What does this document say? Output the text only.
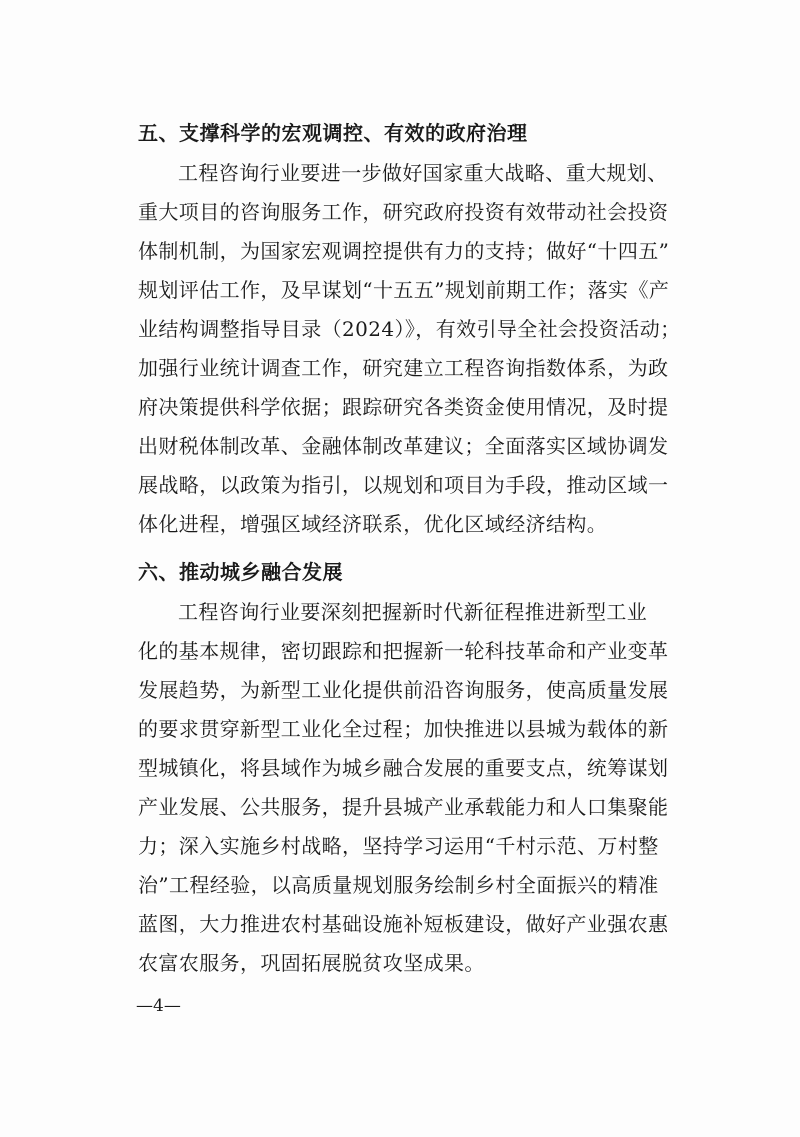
五、支撑科学的宏观调控、有效的政府治理
工程咨询行业要进一步做好国家重大战略、重大规划、
重大项目的咨询服务工作，研究政府投资有效带动社会投资
体制机制，为国家宏观调控提供有力的支持；做好“十四五”
规划评估工作，及早谋划“十五五”规划前期工作；落实《产
业结构调整指导目录（2024）》，有效引导全社会投资活动；
加强行业统计调查工作，研究建立工程咨询指数体系，为政
府决策提供科学依据；跟踪研究各类资金使用情况，及时提
出财税体制改革、金融体制改革建议；全面落实区域协调发
展战略，以政策为指引，以规划和项目为手段，推动区域一
体化进程，增强区域经济联系，优化区域经济结构。
六、推动城乡融合发展
工程咨询行业要深刻把握新时代新征程推进新型工业
化的基本规律，密切跟踪和把握新一轮科技革命和产业变革
发展趋势，为新型工业化提供前沿咨询服务，使高质量发展
的要求贯穿新型工业化全过程；加快推进以县城为载体的新
型城镇化，将县域作为城乡融合发展的重要支点，统筹谋划
产业发展、公共服务，提升县城产业承载能力和人口集聚能
力；深入实施乡村战略，坚持学习运用“千村示范、万村整
治”工程经验，以高质量规划服务绘制乡村全面振兴的精准
蓝图，大力推进农村基础设施补短板建设，做好产业强农惠
农富农服务，巩固拓展脱贫攻坚成果。
—4—
